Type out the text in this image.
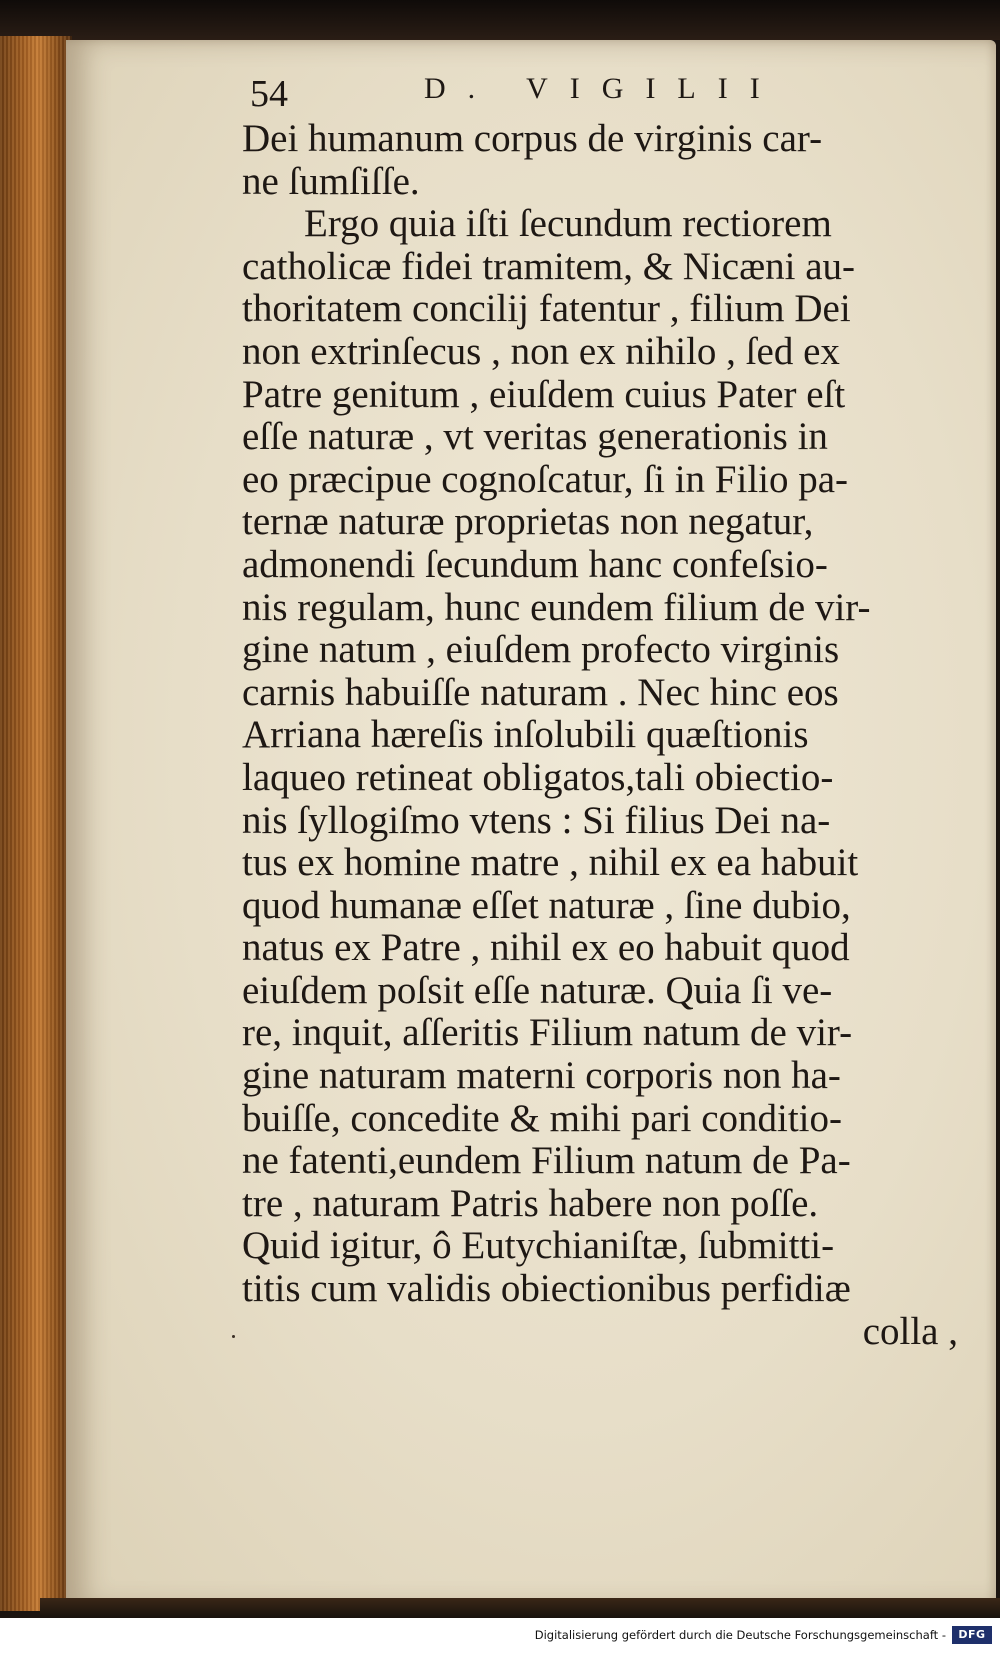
54	D. VIGILII
Dei humanum corpus de virginis car-
ne ſumſiſſe.
Ergo quia iſti ſecundum rectiorem
catholicæ fidei tramitem, & Nicæni au-
thoritatem concilij fatentur , filium Dei
non extrinſecus , non ex nihilo , ſed ex
Patre genitum , eiuſdem cuius Pater eſt
eſſe naturæ , vt veritas generationis in
eo præcipue cognoſcatur, ſi in Filio pa-
ternæ naturæ proprietas non negatur,
admonendi ſecundum hanc confeſsio-
nis regulam, hunc eundem filium de vir-
gine natum , eiuſdem profecto virginis
carnis habuiſſe naturam . Nec hinc eos
Arriana hæreſis inſolubili quæſtionis
laqueo retineat obligatos,tali obiectio-
nis ſyllogiſmo vtens : Si filius Dei na-
tus ex homine matre , nihil ex ea habuit
quod humanæ eſſet naturæ , ſine dubio,
natus ex Patre , nihil ex eo habuit quod
eiuſdem poſsit eſſe naturæ. Quia ſi ve-
re, inquit, aſſeritis Filium natum de vir-
gine naturam materni corporis non ha-
buiſſe, concedite & mihi pari conditio-
ne fatenti,eundem Filium natum de Pa-
tre , naturam Patris habere non poſſe.
Quid igitur, ô Eutychianiſtæ, ſubmitti-
titis cum validis obiectionibus perfidiæ
colla ,
Digitalisierung gefördert durch die Deutsche Forschungsgemeinschaft -	DFG
